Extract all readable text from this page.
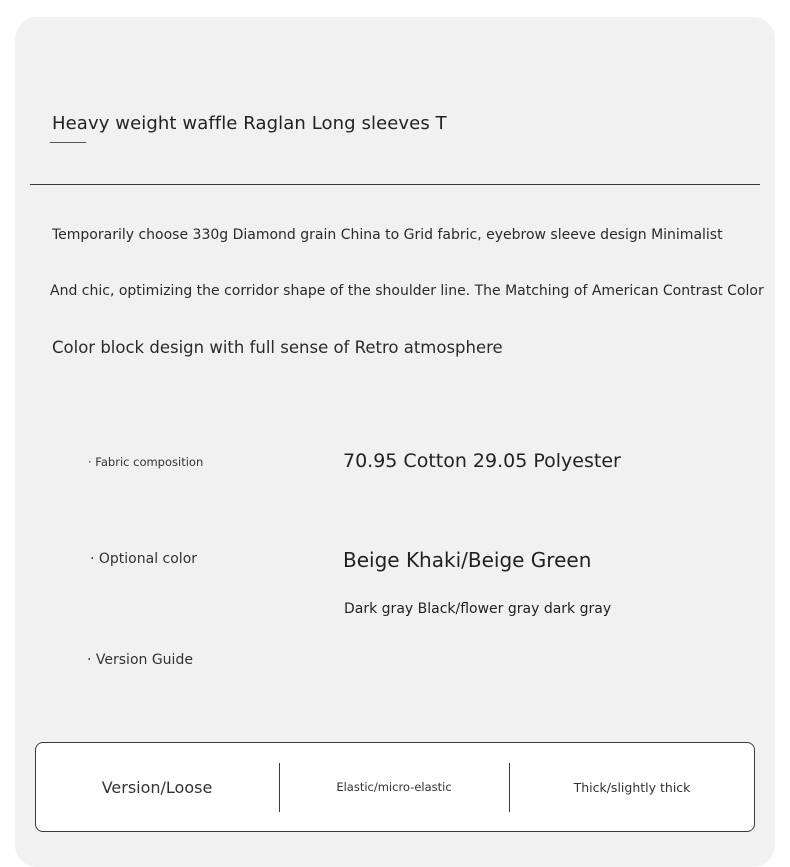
Heavy weight waffle Raglan Long sleeves T
Temporarily choose 330g Diamond grain China to Grid fabric, eyebrow sleeve design Minimalist
And chic, optimizing the corridor shape of the shoulder line. The Matching of American Contrast Color
Color block design with full sense of Retro atmosphere
· Fabric composition	70.95 Cotton 29.05 Polyester
· Optional color	Beige Khaki/Beige Green
Dark gray Black/flower gray dark gray
· Version Guide
Version/Loose	Elastic/micro-elastic	Thick/slightly thick
